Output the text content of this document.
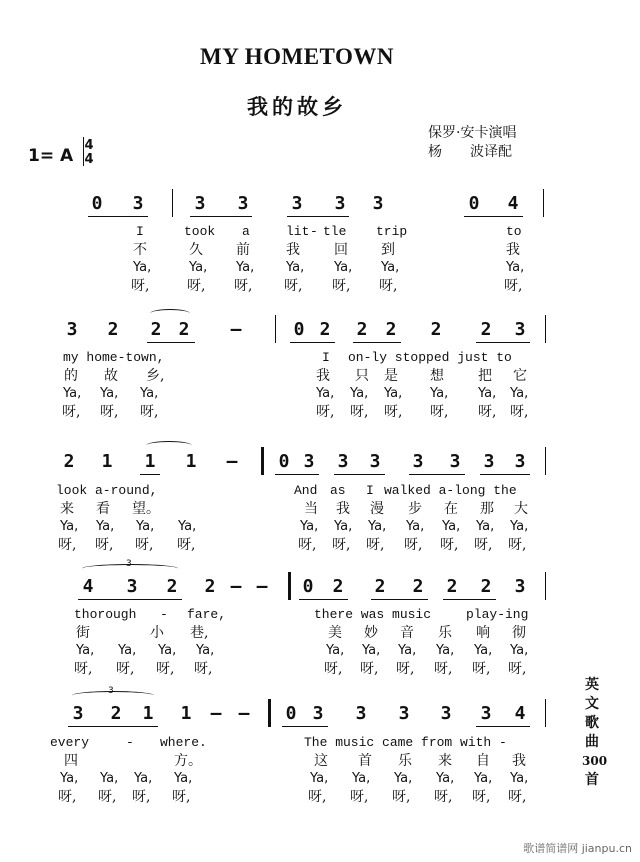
MY HOMETOWN
我的故乡
保罗·安卡演唱
杨　　波译配
1= A
4
4
0 3	3 3 3 3 3	0 4
I	took a	lit - tle trip	to
不	久 前	我 回 到	我
Ya,	Ya, Ya, Ya, Ya, Ya,	Ya,
呀,	呀, 呀, 呀, 呀, 呀,	呀,
3 2 2 2 —	0 2 2 2 2 2 3
my home-town,	I on-ly stopped just to
的 故 乡,	我 只 是 想 把 它
Ya, Ya, Ya,	Ya, Ya, Ya, Ya, Ya, Ya,
呀, 呀, 呀,	呀, 呀, 呀, 呀, 呀, 呀,
2 1 1 1 — 0 3 3 3 3 3 3 3
look a-round,	And as I walked a-long the
来 看 望。	当 我 漫 步 在 那 大
Ya, Ya, Ya, Ya,	Ya, Ya, Ya, Ya, Ya, Ya, Ya,
呀, 呀, 呀, 呀,	呀, 呀, 呀, 呀, 呀, 呀, 呀,
3
4 3 2 2 — — 0 2 2 2 2 2 3
thorough - fare,	there was music	play-ing
街	小 巷,	美 妙 音 乐 响 彻
Ya, Ya, Ya, Ya,	Ya, Ya, Ya, Ya, Ya, Ya,
呀, 呀, 呀, 呀,	呀, 呀, 呀, 呀, 呀, 呀,
3
3 2 1 1 — — 0 3 3 3 3 3 4
every	- where.	The music came from with -
四	方。	这 首 乐 来 自 我
Ya, Ya, Ya, Ya,	Ya, Ya, Ya, Ya, Ya, Ya,
呀, 呀, 呀, 呀,	呀, 呀, 呀, 呀, 呀, 呀,
英
文
歌
曲
300
首
歌谱简谱网 jianpu.cn
